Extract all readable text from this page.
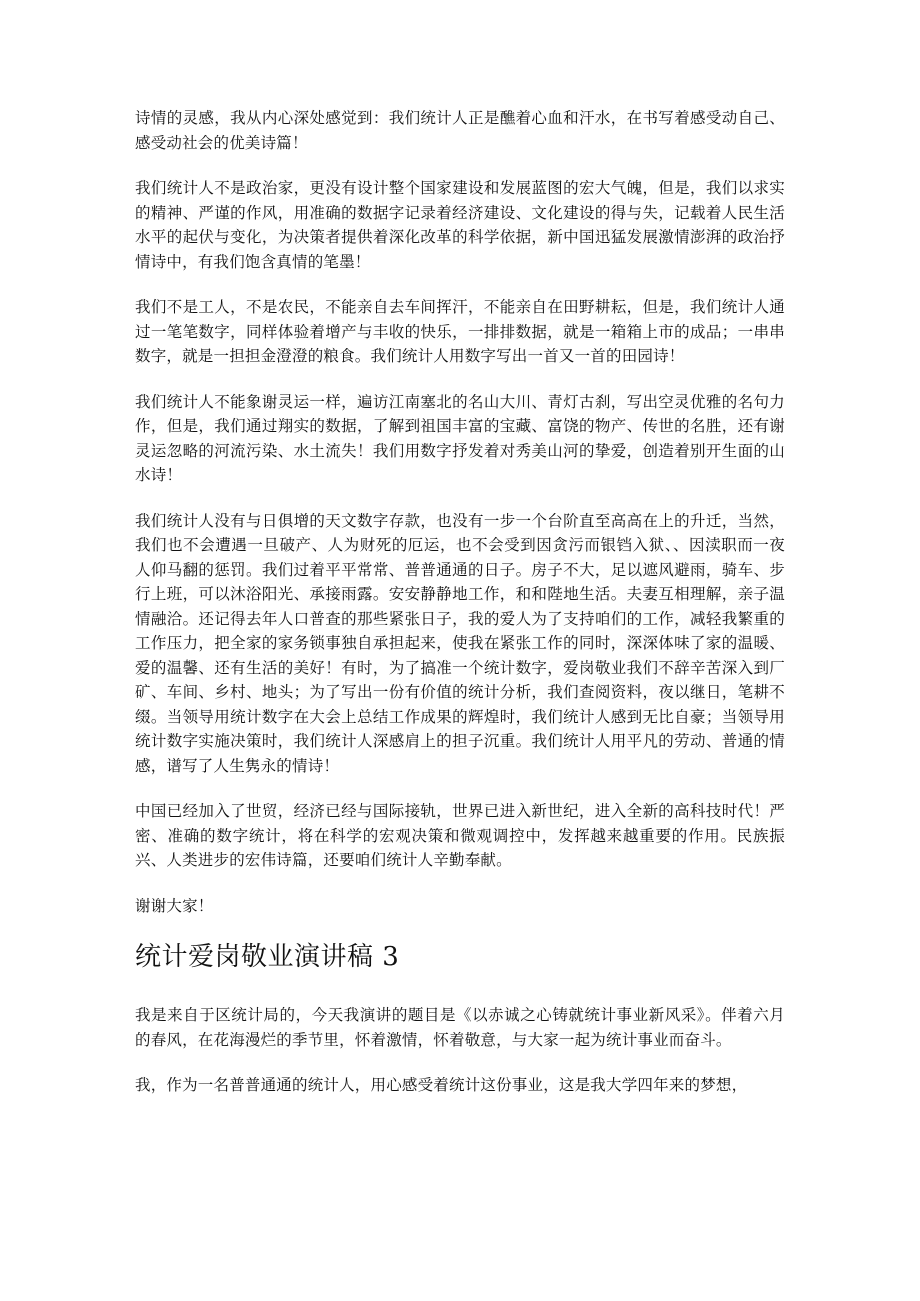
诗情的灵感，我从内心深处感觉到：我们统计人正是醮着心血和汗水，在书写着感受动自己、感受动社会的优美诗篇！

我们统计人不是政治家，更没有设计整个国家建设和发展蓝图的宏大气魄，但是，我们以求实的精神、严谨的作风，用准确的数据字记录着经济建设、文化建设的得与失，记载着人民生活水平的起伏与变化，为决策者提供着深化改革的科学依据，新中国迅猛发展激情澎湃的政治抒情诗中，有我们饱含真情的笔墨！

我们不是工人，不是农民，不能亲自去车间挥汗，不能亲自在田野耕耘，但是，我们统计人通过一笔笔数字，同样体验着增产与丰收的快乐，一排排数据，就是一箱箱上市的成品；一串串数字，就是一担担金澄澄的粮食。我们统计人用数字写出一首又一首的田园诗！

我们统计人不能象谢灵运一样，遍访江南塞北的名山大川、青灯古刹，写出空灵优雅的名句力作，但是，我们通过翔实的数据，了解到祖国丰富的宝藏、富饶的物产、传世的名胜，还有谢灵运忽略的河流污染、水土流失！我们用数字抒发着对秀美山河的挚爱，创造着别开生面的山水诗！

我们统计人没有与日俱增的天文数字存款，也没有一步一个台阶直至高高在上的升迁，当然，我们也不会遭遇一旦破产、人为财死的厄运，也不会受到因贪污而银铛入狱、、因渎职而一夜人仰马翻的惩罚。我们过着平平常常、普普通通的日子。房子不大，足以遮风避雨，骑车、步行上班，可以沐浴阳光、承接雨露。安安静静地工作，和和陛地生活。夫妻互相理解，亲子温情融洽。还记得去年人口普查的那些紧张日子，我的爱人为了支持咱们的工作，减轻我繁重的工作压力，把全家的家务锁事独自承担起来，使我在紧张工作的同时，深深体味了家的温暖、爱的温馨、还有生活的美好！有时，为了搞准一个统计数字，爱岗敬业我们不辞辛苦深入到厂矿、车间、乡村、地头；为了写出一份有价值的统计分析，我们查阅资料，夜以继日，笔耕不缀。当领导用统计数字在大会上总结工作成果的辉煌时，我们统计人感到无比自豪；当领导用统计数字实施决策时，我们统计人深感肩上的担子沉重。我们统计人用平凡的劳动、普通的情感，谱写了人生隽永的情诗！

中国已经加入了世贸，经济已经与国际接轨，世界已进入新世纪，进入全新的高科技时代！严密、准确的数字统计，将在科学的宏观决策和微观调控中，发挥越来越重要的作用。民族振兴、人类进步的宏伟诗篇，还要咱们统计人辛勤奉献。

谢谢大家！

统计爱岗敬业演讲稿 3

我是来自于区统计局的，今天我演讲的题目是《以赤诚之心铸就统计事业新风采》。伴着六月的春风，在花海漫烂的季节里，怀着激情，怀着敬意，与大家一起为统计事业而奋斗。

我，作为一名普普通通的统计人，用心感受着统计这份事业，这是我大学四年来的梦想，
